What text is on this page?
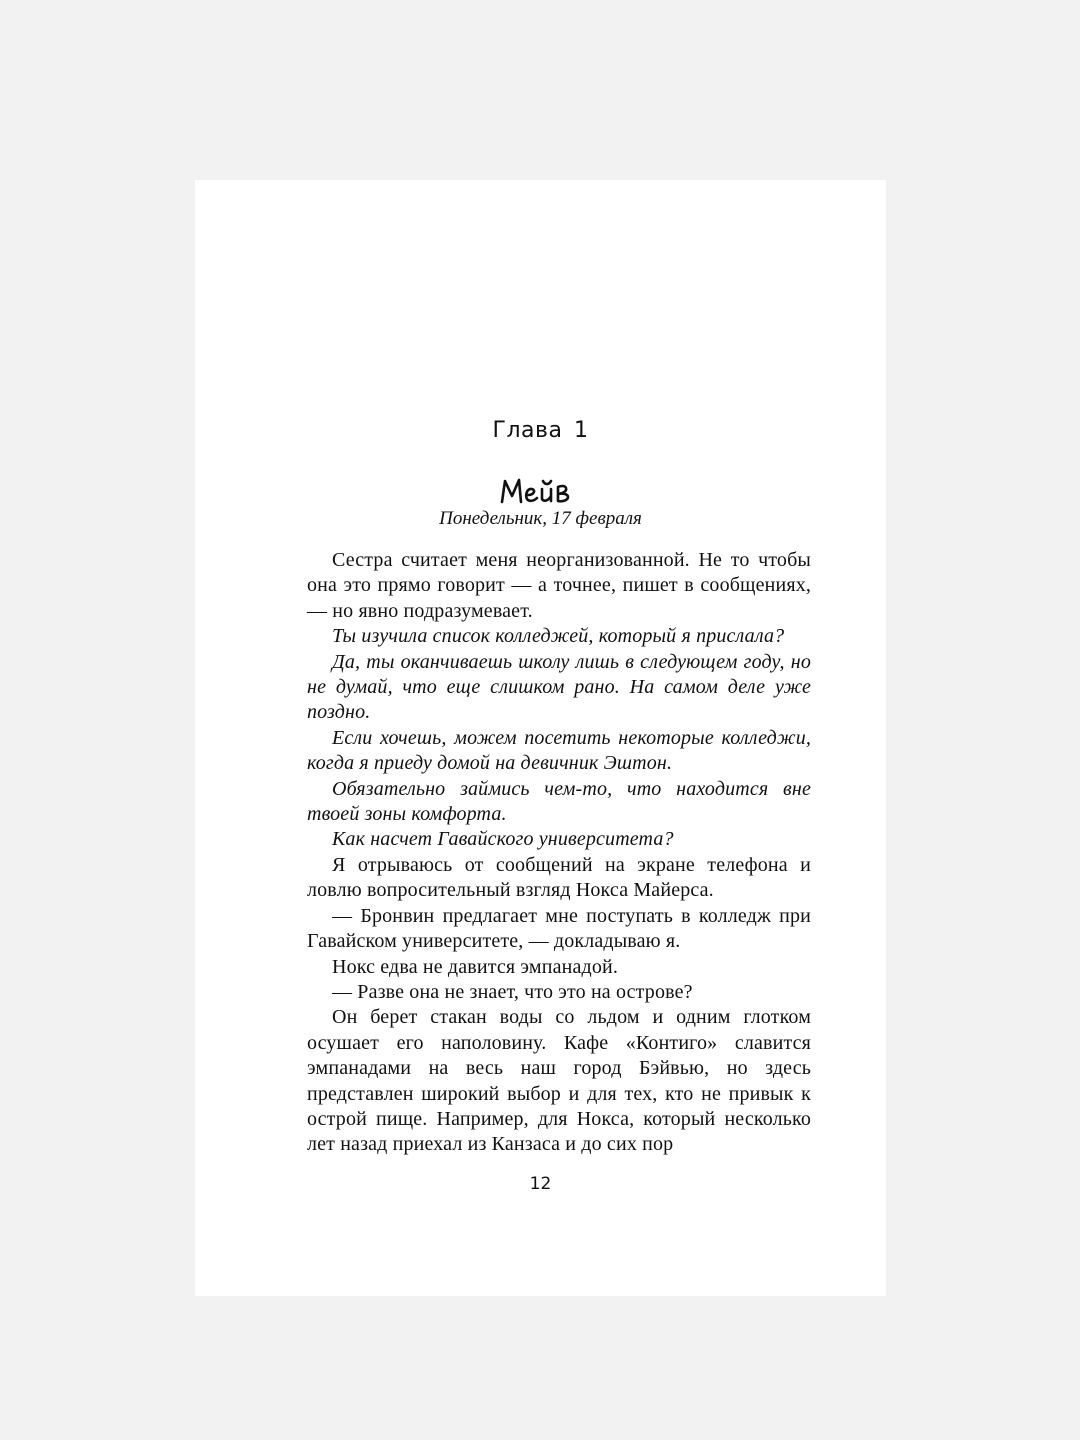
Глава 1
Понедельник, 17 февраля

Сестра считает меня неорганизованной. Не то чтобы она это прямо говорит — а точнее, пишет в сообщениях, — но явно подразумевает.

Ты изучила список колледжей, который я прислала?

Да, ты оканчиваешь школу лишь в следующем году, но не думай, что еще слишком рано. На самом деле уже поздно.

Если хочешь, можем посетить некоторые колледжи, когда я приеду домой на девичник Эштон.

Обязательно займись чем-то, что находится вне твоей зоны комфорта.

Как насчет Гавайского университета?

Я отрываюсь от сообщений на экране телефона и ловлю вопросительный взгляд Нокса Майерса.

— Бронвин предлагает мне поступать в колледж при Гавайском университете, — докладываю я.

Нокс едва не давится эмпанадой.

— Разве она не знает, что это на острове?

Он берет стакан воды со льдом и одним глотком осушает его наполовину. Кафе «Контиго» славится эмпанадами на весь наш город Бэйвью, но здесь представлен широкий выбор и для тех, кто не привык к острой пище. Например, для Нокса, который несколько лет назад приехал из Канзаса и до сих пор

12
